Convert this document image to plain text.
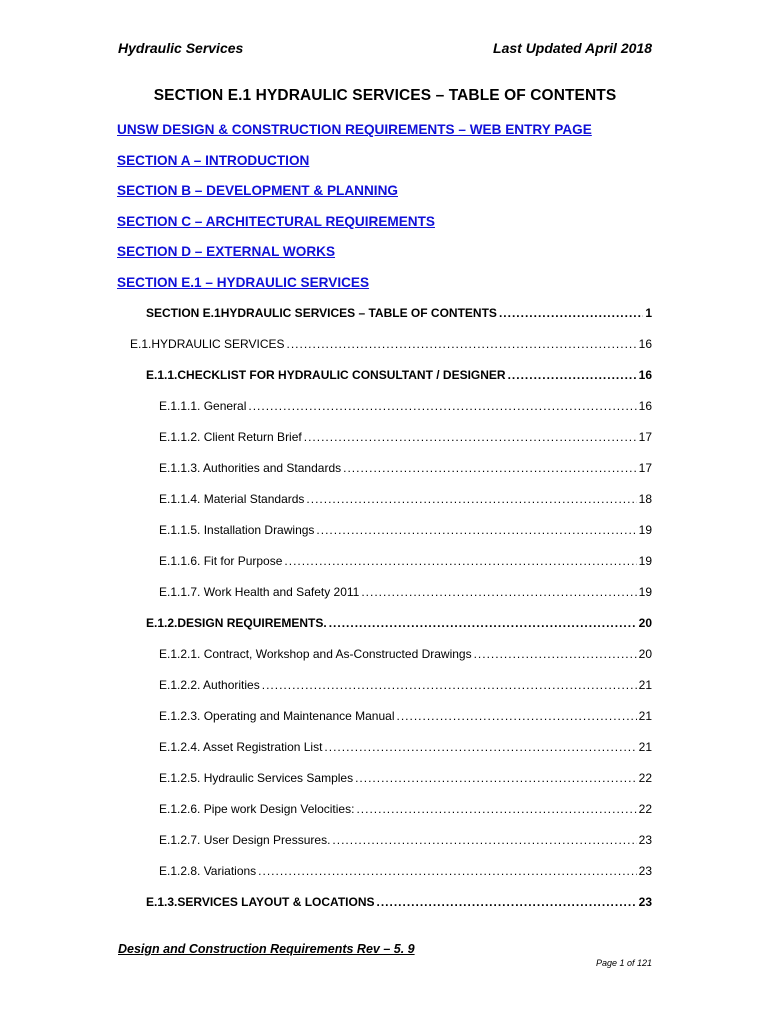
Hydraulic Services	Last Updated April 2018
SECTION E.1 HYDRAULIC SERVICES – TABLE OF CONTENTS
UNSW DESIGN & CONSTRUCTION REQUIREMENTS – WEB ENTRY PAGE
SECTION A – INTRODUCTION
SECTION B – DEVELOPMENT & PLANNING
SECTION C – ARCHITECTURAL REQUIREMENTS
SECTION D – EXTERNAL WORKS
SECTION E.1 – HYDRAULIC SERVICES
SECTION E.1 HYDRAULIC SERVICES – TABLE OF CONTENTS .....	1
E.1. HYDRAULIC SERVICES .....	16
E.1.1. CHECKLIST FOR HYDRAULIC CONSULTANT / DESIGNER .....	16
E.1.1.1. General .....	16
E.1.1.2. Client Return Brief .....	17
E.1.1.3. Authorities and Standards .....	17
E.1.1.4. Material Standards .....	18
E.1.1.5. Installation Drawings .....	19
E.1.1.6. Fit for Purpose .....	19
E.1.1.7. Work Health and Safety 2011 .....	19
E.1.2. DESIGN REQUIREMENTS. .....	20
E.1.2.1. Contract, Workshop and As-Constructed Drawings .....	20
E.1.2.2. Authorities .....	21
E.1.2.3. Operating and Maintenance Manual .....	21
E.1.2.4. Asset Registration List .....	21
E.1.2.5. Hydraulic Services Samples .....	22
E.1.2.6. Pipe work Design Velocities: .....	22
E.1.2.7. User Design Pressures. .....	23
E.1.2.8. Variations .....	23
E.1.3. SERVICES LAYOUT & LOCATIONS .....	23
Design and Construction Requirements Rev – 5. 9
Page 1 of 121
